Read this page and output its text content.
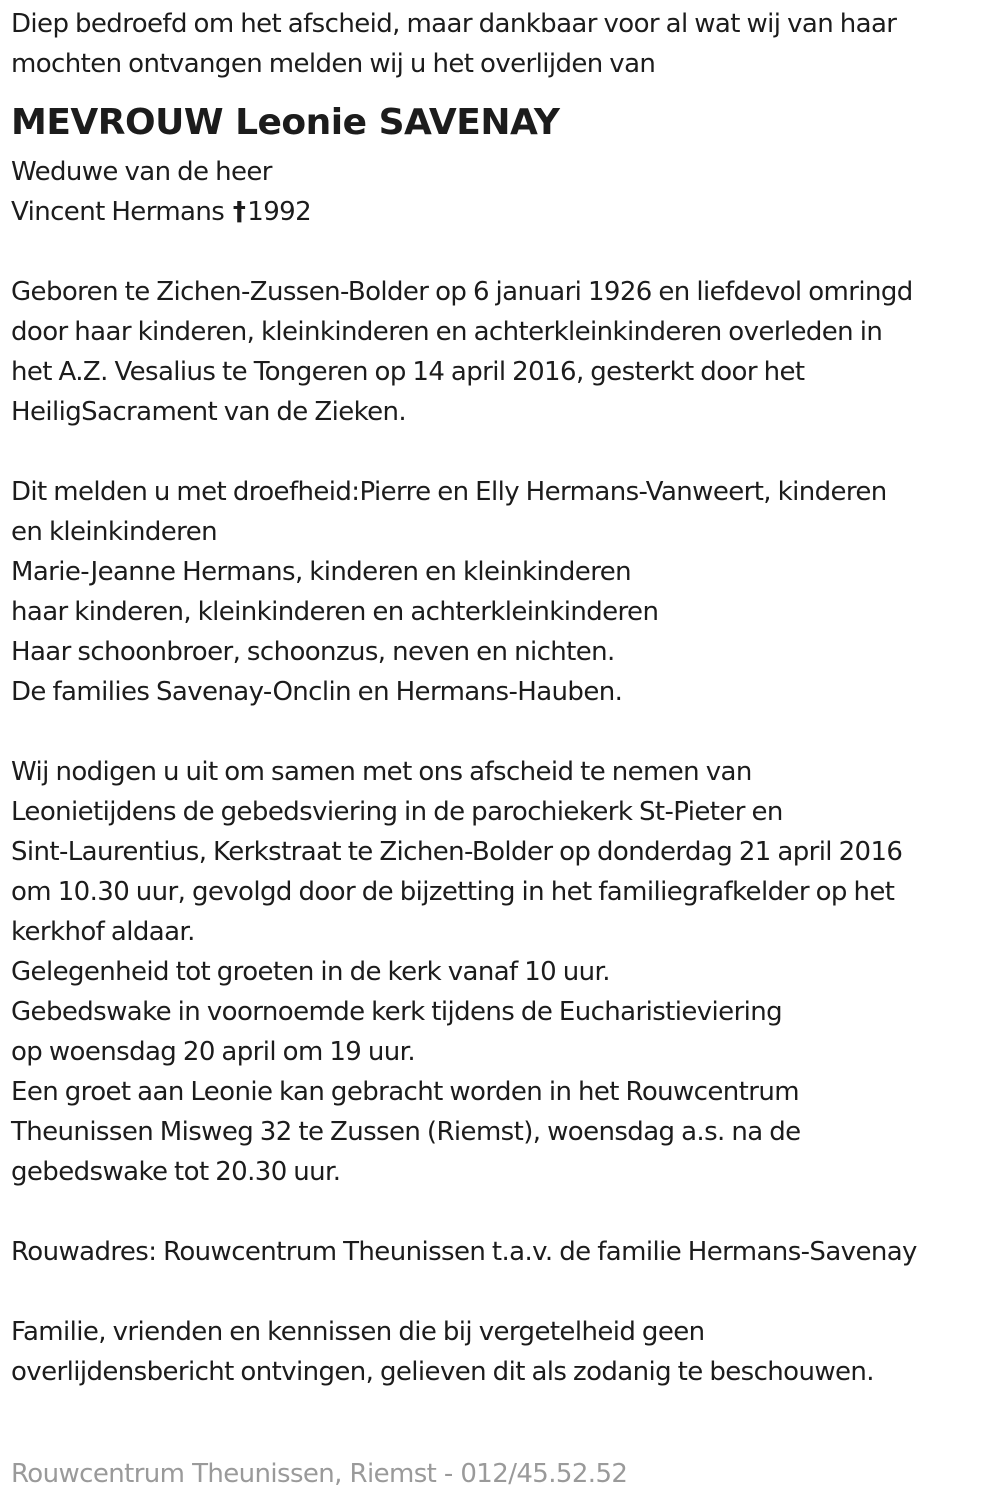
Diep bedroefd om het afscheid, maar dankbaar voor al wat wij van haar
mochten ontvangen melden wij u het overlijden van
MEVROUW Leonie SAVENAY
Weduwe van de heer
Vincent Hermans †1992
Geboren te Zichen-Zussen-Bolder op 6 januari 1926 en liefdevol omringd
door haar kinderen, kleinkinderen en achterkleinkinderen overleden in
het A.Z. Vesalius te Tongeren op 14 april 2016, gesterkt door het
HeiligSacrament van de Zieken.
Dit melden u met droefheid:Pierre en Elly Hermans-Vanweert, kinderen
en kleinkinderen
Marie-Jeanne Hermans, kinderen en kleinkinderen
haar kinderen, kleinkinderen en achterkleinkinderen
Haar schoonbroer, schoonzus, neven en nichten.
De families Savenay-Onclin en Hermans-Hauben.
Wij nodigen u uit om samen met ons afscheid te nemen van
Leonietijdens de gebedsviering in de parochiekerk St-Pieter en
Sint-Laurentius, Kerkstraat te Zichen-Bolder op donderdag 21 april 2016
om 10.30 uur, gevolgd door de bijzetting in het familiegrafkelder op het
kerkhof aldaar.
Gelegenheid tot groeten in de kerk vanaf 10 uur.
Gebedswake in voornoemde kerk tijdens de Eucharistieviering
op woensdag 20 april om 19 uur.
Een groet aan Leonie kan gebracht worden in het Rouwcentrum
Theunissen Misweg 32 te Zussen (Riemst), woensdag a.s. na de
gebedswake tot 20.30 uur.
Rouwadres: Rouwcentrum Theunissen t.a.v. de familie Hermans-Savenay
Familie, vrienden en kennissen die bij vergetelheid geen
overlijdensbericht ontvingen, gelieven dit als zodanig te beschouwen.
Rouwcentrum Theunissen, Riemst - 012/45.52.52
